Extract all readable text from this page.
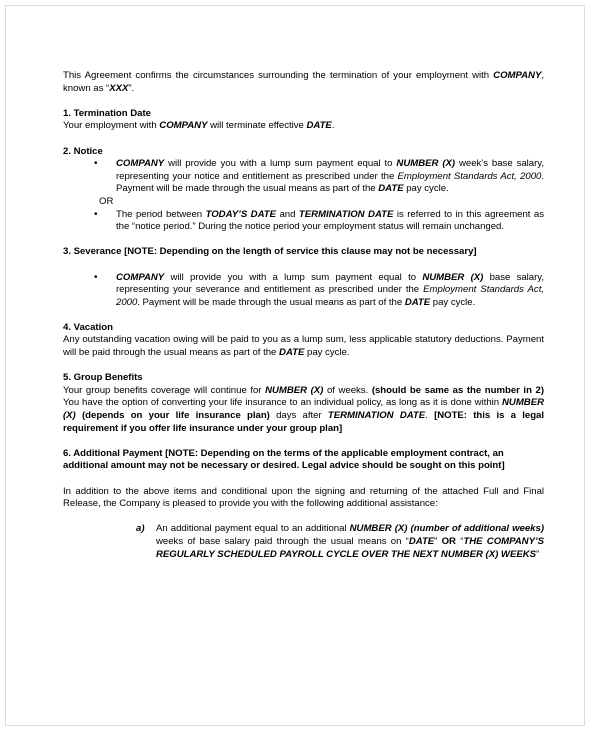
This Agreement confirms the circumstances surrounding the termination of your employment with COMPANY, known as “XXX”.
1. Termination Date
Your employment with COMPANY will terminate effective DATE.
2. Notice
•	COMPANY will provide you with a lump sum payment equal to NUMBER (X) week’s base salary, representing your notice and entitlement as prescribed under the Employment Standards Act, 2000. Payment will be made through the usual means as part of the DATE pay cycle.
OR
•	The period between TODAY’S DATE and TERMINATION DATE is referred to in this agreement as the “notice period.” During the notice period your employment status will remain unchanged.
3. Severance [NOTE: Depending on the length of service this clause may not be necessary]
•	COMPANY will provide you with a lump sum payment equal to NUMBER (X) base salary, representing your severance and entitlement as prescribed under the Employment Standards Act, 2000. Payment will be made through the usual means as part of the DATE pay cycle.
4. Vacation
Any outstanding vacation owing will be paid to you as a lump sum, less applicable statutory deductions. Payment will be paid through the usual means as part of the DATE pay cycle.
5. Group Benefits
Your group benefits coverage will continue for NUMBER (X) of weeks. (should be same as the number in 2) You have the option of converting your life insurance to an individual policy, as long as it is done within NUMBER (X) (depends on your life insurance plan) days after TERMINATION DATE. [NOTE: this is a legal requirement if you offer life insurance under your group plan]
6. Additional Payment [NOTE: Depending on the terms of the applicable employment contract, an additional amount may not be necessary or desired. Legal advice should be sought on this point]
In addition to the above items and conditional upon the signing and returning of the attached Full and Final Release, the Company is pleased to provide you with the following additional assistance:
a)	An additional payment equal to an additional NUMBER (X) (number of additional weeks) weeks of base salary paid through the usual means on “DATE” OR “THE COMPANY’S REGULARLY SCHEDULED PAYROLL CYCLE OVER THE NEXT NUMBER (X) WEEKS”
